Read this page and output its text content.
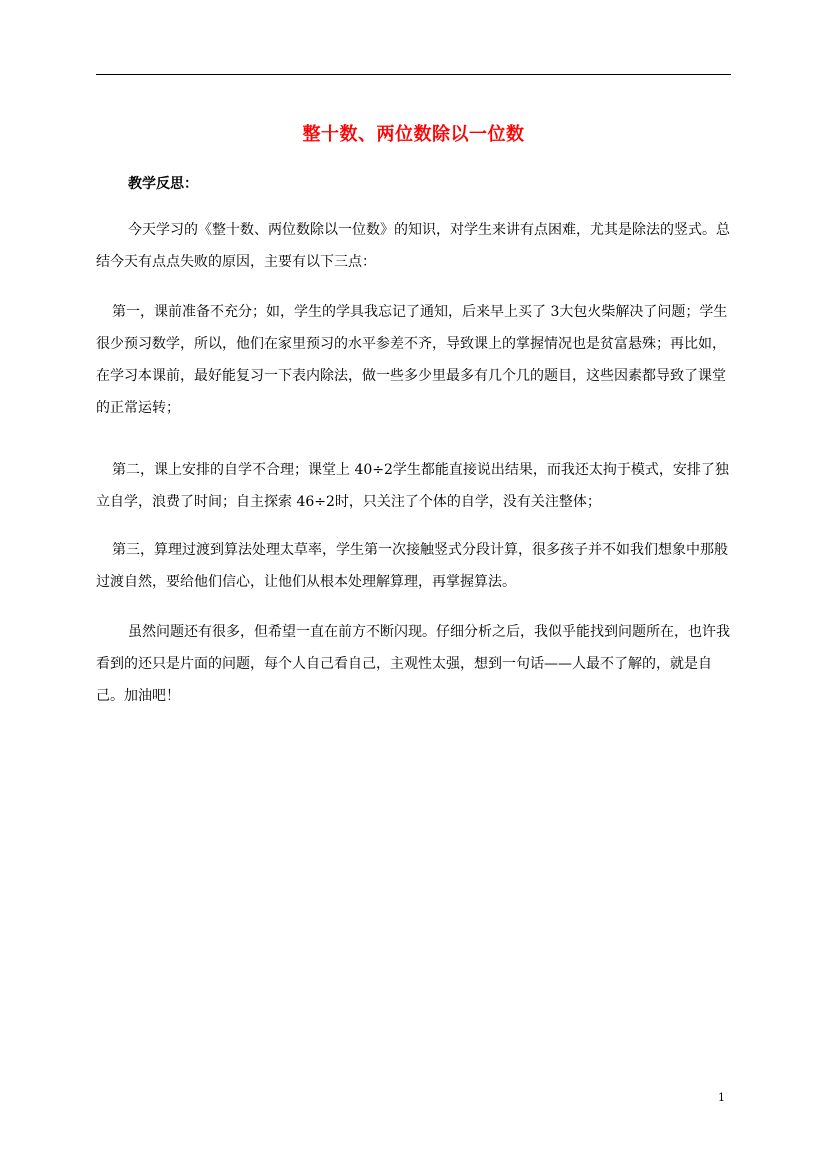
整十数、两位数除以一位数
教学反思：
今天学习的《整十数、两位数除以一位数》的知识，对学生来讲有点困难，尤其是除法的竖式。总结今天有点点失败的原因，主要有以下三点：
第一，课前准备不充分；如，学生的学具我忘记了通知，后来早上买了 3大包火柴解决了问题；学生很少预习数学，所以，他们在家里预习的水平参差不齐，导致课上的掌握情况也是贫富悬殊；再比如，在学习本课前，最好能复习一下表内除法，做一些多少里最多有几个几的题目，这些因素都导致了课堂的正常运转；
第二，课上安排的自学不合理；课堂上 40÷2学生都能直接说出结果，而我还太拘于模式，安排了独立自学，浪费了时间；自主探索 46÷2时，只关注了个体的自学，没有关注整体；
第三，算理过渡到算法处理太草率，学生第一次接触竖式分段计算，很多孩子并不如我们想象中那般过渡自然，要给他们信心，让他们从根本处理解算理，再掌握算法。
虽然问题还有很多，但希望一直在前方不断闪现。仔细分析之后，我似乎能找到问题所在，也许我看到的还只是片面的问题，每个人自己看自己，主观性太强，想到一句话——人最不了解的，就是自己。加油吧！
1
